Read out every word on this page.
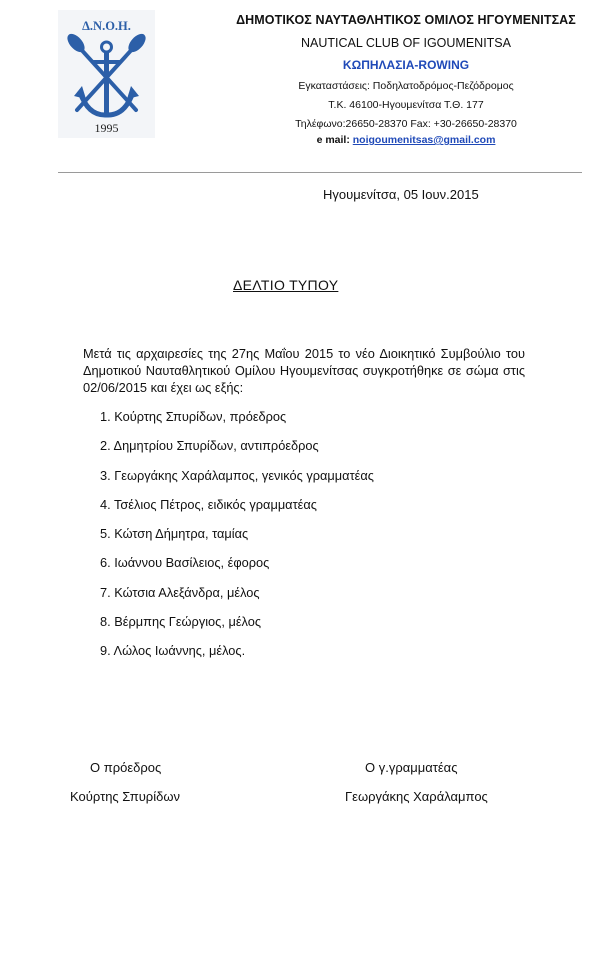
Δ.Ν.Ο.Η.
1995
ΔΗΜΟΤΙΚΟΣ ΝΑΥΤΑΘΛΗΤΙΚΟΣ ΟΜΙΛΟΣ ΗΓΟΥΜΕΝΙΤΣΑΣ
NAUTICAL CLUB OF IGOUMENITSA
ΚΩΠΗΛΑΣΙΑ-ROWING
Εγκαταστάσεις: Ποδηλατοδρόμος-Πεζόδρομος
Τ.Κ. 46100-Ηγουμενίτσα Τ.Θ. 177
Τηλέφωνο:26650-28370 Fax: +30-26650-28370
e mail: noigoumenitsas@gmail.com
Ηγουμενίτσα, 05 Ιουν.2015
ΔΕΛΤΙΟ ΤΥΠΟΥ

Μετά τις αρχαιρεσίες της 27ης Μαΐου 2015 το νέο Διοικητικό Συμβούλιο του Δημοτικού Ναυταθλητικού Ομίλου Ηγουμενίτσας συγκροτήθηκε σε σώμα στις 02/06/2015 και έχει ως εξής:

1. Κούρτης Σπυρίδων, πρόεδρος
2. Δημητρίου Σπυρίδων, αντιπρόεδρος
3. Γεωργάκης Χαράλαμπος, γενικός γραμματέας
4. Τσέλιος Πέτρος, ειδικός γραμματέας
5. Κώτση Δήμητρα, ταμίας
6. Ιωάννου Βασίλειος, έφορος
7. Κώτσια Αλεξάνδρα, μέλος
8. Βέρμπης Γεώργιος, μέλος
9. Λώλος Ιωάννης, μέλος.
Ο πρόεδρος
Κούρτης Σπυρίδων
Ο γ.γραμματέας
Γεωργάκης Χαράλαμπος
